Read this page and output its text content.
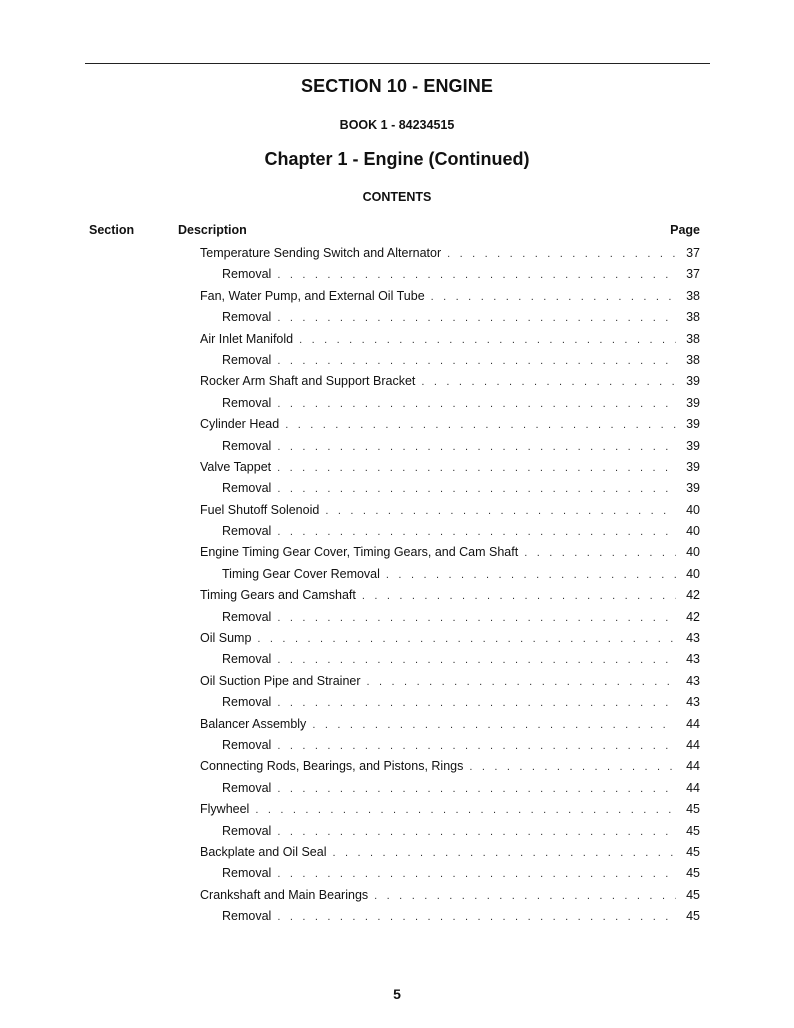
SECTION 10 - ENGINE
BOOK 1 - 84234515
Chapter 1 - Engine (Continued)
CONTENTS
Section	Description	Page
Temperature Sending Switch and Alternator . . .	37
Removal . . .	37
Fan, Water Pump, and External Oil Tube . . .	38
Removal . . .	38
Air Inlet Manifold . . .	38
Removal . . .	38
Rocker Arm Shaft and Support Bracket . . .	39
Removal . . .	39
Cylinder Head . . .	39
Removal . . .	39
Valve Tappet . . .	39
Removal . . .	39
Fuel Shutoff Solenoid . . .	40
Removal . . .	40
Engine Timing Gear Cover, Timing Gears, and Cam Shaft . . .	40
Timing Gear Cover Removal . . .	40
Timing Gears and Camshaft . . .	42
Removal . . .	42
Oil Sump . . .	43
Removal . . .	43
Oil Suction Pipe and Strainer . . .	43
Removal . . .	43
Balancer Assembly . . .	44
Removal . . .	44
Connecting Rods, Bearings, and Pistons, Rings . . .	44
Removal . . .	44
Flywheel . . .	45
Removal . . .	45
Backplate and Oil Seal . . .	45
Removal . . .	45
Crankshaft and Main Bearings . . .	45
Removal . . .	45
5
